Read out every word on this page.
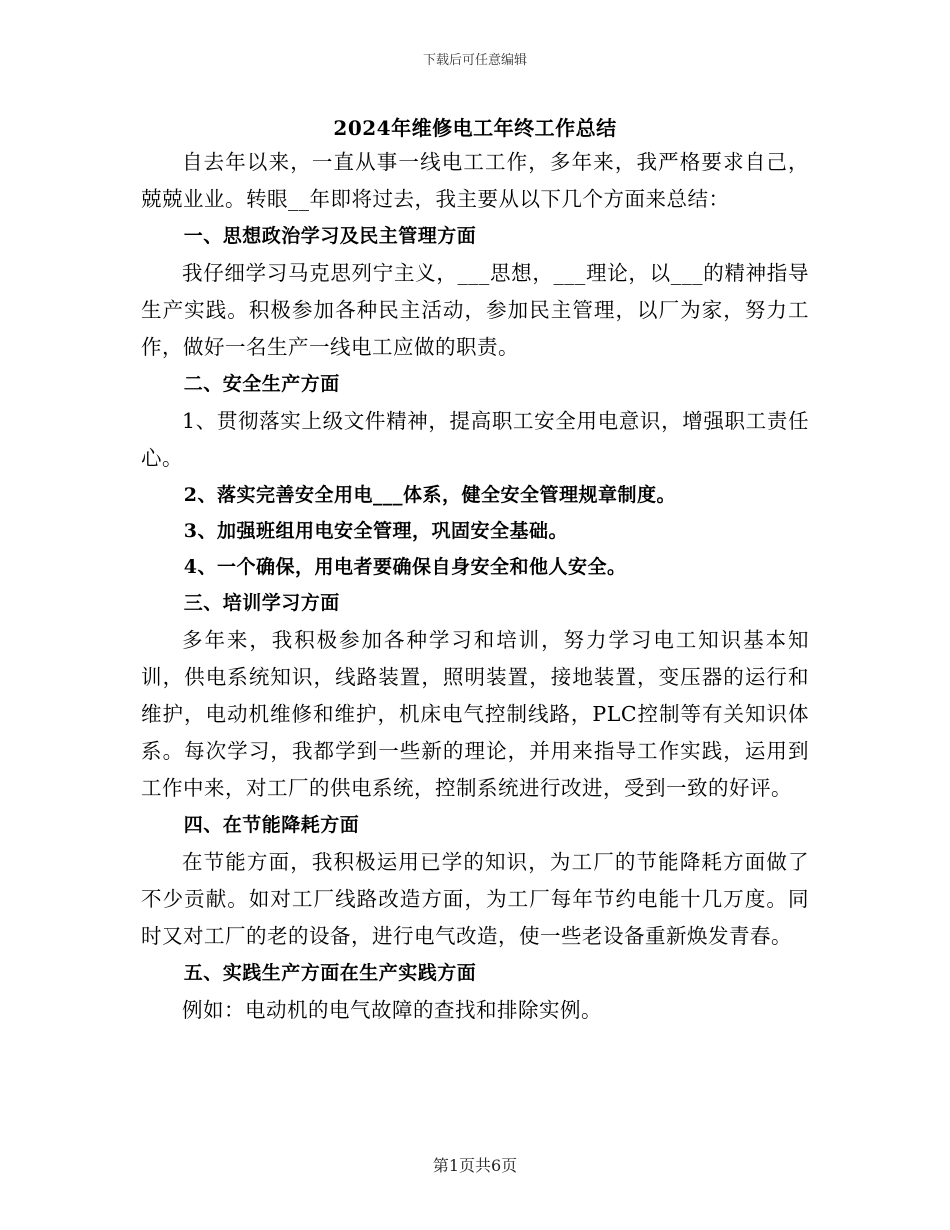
下载后可任意编辑
2024年维修电工年终工作总结

自去年以来，一直从事一线电工工作，多年来，我严格要求自己，兢兢业业。转眼__年即将过去，我主要从以下几个方面来总结：

一、思想政治学习及民主管理方面

我仔细学习马克思列宁主义，___思想，___理论，以___的精神指导生产实践。积极参加各种民主活动，参加民主管理，以厂为家，努力工作，做好一名生产一线电工应做的职责。

二、安全生产方面

1、贯彻落实上级文件精神，提高职工安全用电意识，增强职工责任心。

2、落实完善安全用电___体系，健全安全管理规章制度。

3、加强班组用电安全管理，巩固安全基础。

4、一个确保，用电者要确保自身安全和他人安全。

三、培训学习方面

多年来，我积极参加各种学习和培训，努力学习电工知识基本知训，供电系统知识，线路装置，照明装置，接地装置，变压器的运行和维护，电动机维修和维护，机床电气控制线路，PLC控制等有关知识体系。每次学习，我都学到一些新的理论，并用来指导工作实践，运用到工作中来，对工厂的供电系统，控制系统进行改进，受到一致的好评。

四、在节能降耗方面

在节能方面，我积极运用已学的知识，为工厂的节能降耗方面做了不少贡献。如对工厂线路改造方面，为工厂每年节约电能十几万度。同时又对工厂的老的设备，进行电气改造，使一些老设备重新焕发青春。

五、实践生产方面在生产实践方面

例如：电动机的电气故障的查找和排除实例。

第1页共6页
